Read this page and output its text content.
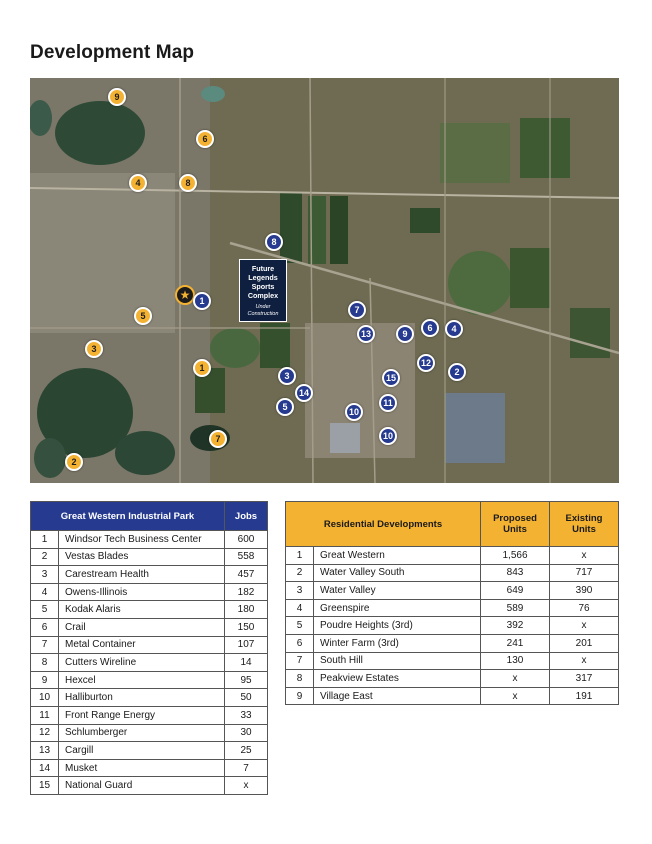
Development Map
Future
Legends
Sports
Complex
Under
Construction
★
9
6
4	8
5
3
1
7
2
8
1
7
13	9
6	4
12
2
15
3
14
5	11
10
10
Great Western Industrial Park		Jobs
1	Windsor Tech Business Center	600
2	Vestas Blades	558
3	Carestream Health	457
4	Owens-Illinois	182
5	Kodak Alaris	180
6	Crail	150
7	Metal Container	107
8	Cutters Wireline	14
9	Hexcel	95
10	Halliburton	50
11	Front Range Energy	33
12	Schlumberger	30
13	Cargill	25
14	Musket	7
15	National Guard	x
Residential Developments		Proposed Units	Existing Units
1	Great Western	1,566	x
2	Water Valley South	843	717
3	Water Valley	649	390
4	Greenspire	589	76
5	Poudre Heights (3rd)	392	x
6	Winter Farm (3rd)	241	201
7	South Hill	130	x
8	Peakview Estates	x	317
9	Village East	x	191
